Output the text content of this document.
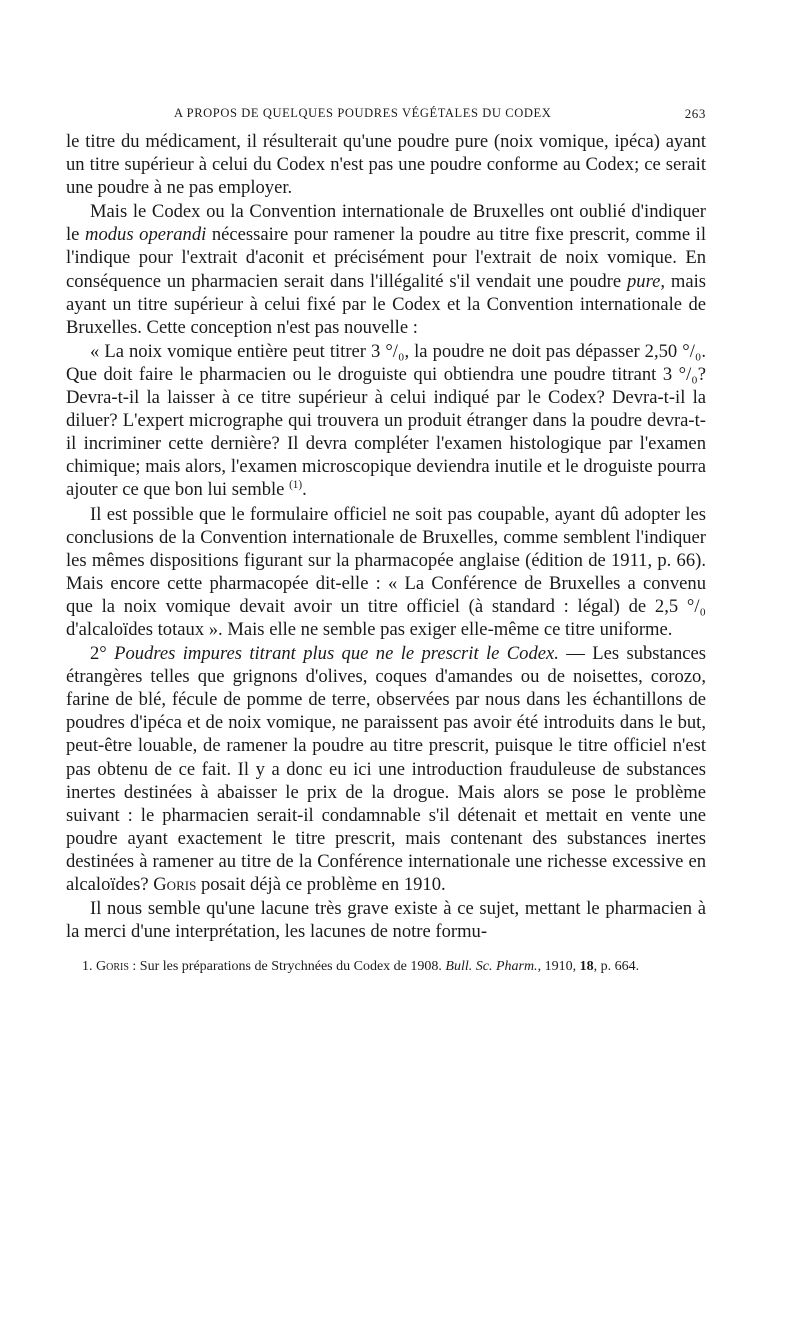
A PROPOS DE QUELQUES POUDRES VÉGÉTALES DU CODEX	263

le titre du médicament, il résulterait qu'une poudre pure (noix vomique, ipéca) ayant un titre supérieur à celui du Codex n'est pas une poudre conforme au Codex; ce serait une poudre à ne pas employer.

Mais le Codex ou la Convention internationale de Bruxelles ont oublié d'indiquer le modus operandi nécessaire pour ramener la poudre au titre fixe prescrit, comme il l'indique pour l'extrait d'aconit et précisément pour l'extrait de noix vomique. En conséquence un pharmacien serait dans l'illégalité s'il vendait une poudre pure, mais ayant un titre supérieur à celui fixé par le Codex et la Convention internationale de Bruxelles. Cette conception n'est pas nouvelle :

« La noix vomique entière peut titrer 3 °/₀, la poudre ne doit pas dépasser 2,50 °/₀. Que doit faire le pharmacien ou le droguiste qui obtiendra une poudre titrant 3 °/₀? Devra-t-il la laisser à ce titre supérieur à celui indiqué par le Codex? Devra-t-il la diluer? L'expert micrographe qui trouvera un produit étranger dans la poudre devra-t-il incriminer cette dernière? Il devra compléter l'examen histologique par l'examen chimique; mais alors, l'examen microscopique deviendra inutile et le droguiste pourra ajouter ce que bon lui semble $^{(1)}$.

Il est possible que le formulaire officiel ne soit pas coupable, ayant dû adopter les conclusions de la Convention internationale de Bruxelles, comme semblent l'indiquer les mêmes dispositions figurant sur la pharmacopée anglaise (édition de 1911, p. 66). Mais encore cette pharmacopée dit-elle : « La Conférence de Bruxelles a convenu que la noix vomique devait avoir un titre officiel (à standard : légal) de 2,5 °/₀ d'alcaloïdes totaux ». Mais elle ne semble pas exiger elle-même ce titre uniforme.

2° Poudres impures titrant plus que ne le prescrit le Codex. — Les substances étrangères telles que grignons d'olives, coques d'amandes ou de noisettes, corozo, farine de blé, fécule de pomme de terre, observées par nous dans les échantillons de poudres d'ipéca et de noix vomique, ne paraissent pas avoir été introduits dans le but, peut-être louable, de ramener la poudre au titre prescrit, puisque le titre officiel n'est pas obtenu de ce fait. Il y a donc eu ici une introduction frauduleuse de substances inertes destinées à abaisser le prix de la drogue. Mais alors se pose le problème suivant : le pharmacien serait-il condamnable s'il détenait et mettait en vente une poudre ayant exactement le titre prescrit, mais contenant des substances inertes destinées à ramener au titre de la Conférence internationale une richesse excessive en alcaloïdes? Goris posait déjà ce problème en 1910.

Il nous semble qu'une lacune très grave existe à ce sujet, mettant le pharmacien à la merci d'une interprétation, les lacunes de notre formu-

1. Goris : Sur les préparations de Strychnées du Codex de 1908. Bull. Sc. Pharm., 1910, 18, p. 664.
